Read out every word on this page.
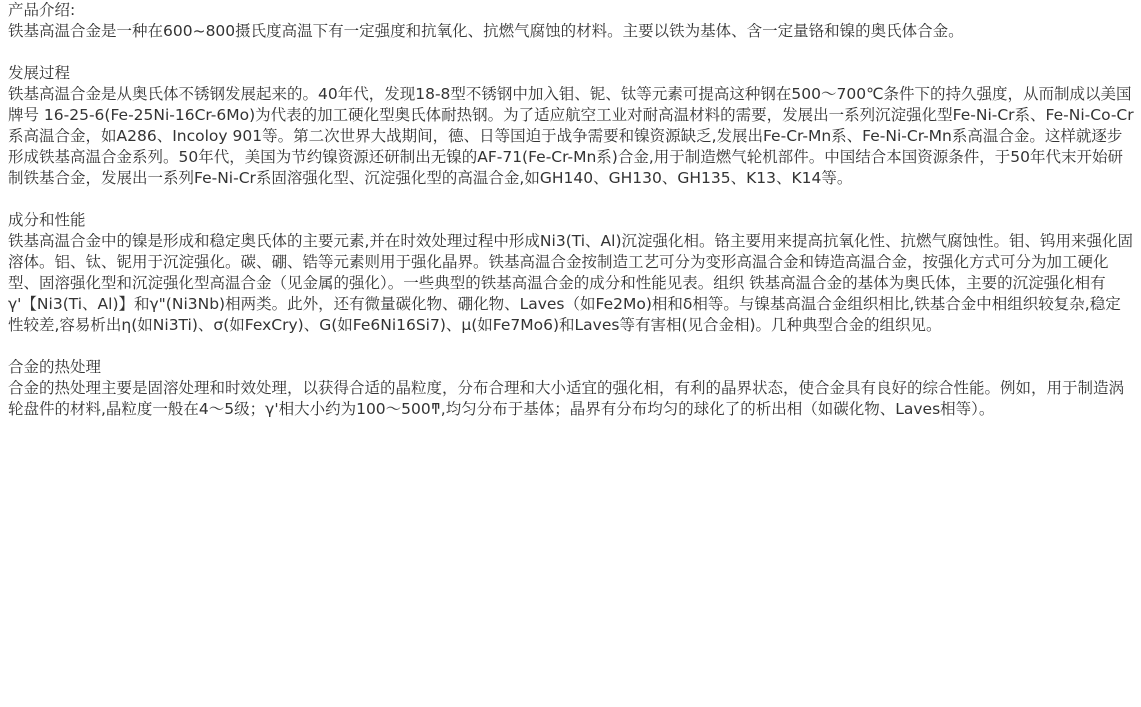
产品介绍:

铁基高温合金是一种在600~800摄氏度高温下有一定强度和抗氧化、抗燃气腐蚀的材料。主要以铁为基体、含一定量铬和镍的奥氏体合金。

发展过程

铁基高温合金是从奥氏体不锈钢发展起来的。40年代，发现18-8型不锈钢中加入钼、铌、钛等元素可提高这种钢在500～700℃条件下的持久强度，从而制成以美国牌号 16-25-6(Fe-25Ni-16Cr-6Mo)为代表的加工硬化型奥氏体耐热钢。为了适应航空工业对耐高温材料的需要，发展出一系列沉淀强化型Fe-Ni-Cr系、Fe-Ni-Co-Cr系高温合金，如A286、Incoloy 901等。第二次世界大战期间，德、日等国迫于战争需要和镍资源缺乏,发展出Fe-Cr-Mn系、Fe-Ni-Cr-Mn系高温合金。这样就逐步形成铁基高温合金系列。50年代，美国为节约镍资源还研制出无镍的AF-71(Fe-Cr-Mn系)合金,用于制造燃气轮机部件。中国结合本国资源条件，于50年代末开始研制铁基合金，发展出一系列Fe-Ni-Cr系固溶强化型、沉淀强化型的高温合金,如GH140、GH130、GH135、K13、K14等。

成分和性能

铁基高温合金中的镍是形成和稳定奥氏体的主要元素,并在时效处理过程中形成Ni3(Ti、Al)沉淀强化相。铬主要用来提高抗氧化性、抗燃气腐蚀性。钼、钨用来强化固溶体。铝、钛、铌用于沉淀强化。碳、硼、锆等元素则用于强化晶界。铁基高温合金按制造工艺可分为变形高温合金和铸造高温合金，按强化方式可分为加工硬化型、固溶强化型和沉淀强化型高温合金（见金属的强化）。一些典型的铁基高温合金的成分和性能见表。组织 铁基高温合金的基体为奥氏体，主要的沉淀强化相有γ'【Ni3(Ti、Al)】和γ"(Ni3Nb)相两类。此外，还有微量碳化物、硼化物、Laves（如Fe2Mo)相和δ相等。与镍基高温合金组织相比,铁基合金中相组织较复杂,稳定性较差,容易析出η(如Ni3Ti)、σ(如FexCry)、G(如Fe6Ni16Si7)、μ(如Fe7Mo6)和Laves等有害相(见合金相)。几种典型合金的组织见。

合金的热处理

合金的热处理主要是固溶处理和时效处理，以获得合适的晶粒度，分布合理和大小适宜的强化相，有利的晶界状态，使合金具有良好的综合性能。例如，用于制造涡轮盘件的材料,晶粒度一般在4～5级；γ'相大小约为100～500ͳ,均匀分布于基体；晶界有分布均匀的球化了的析出相（如碳化物、Laves相等）。
